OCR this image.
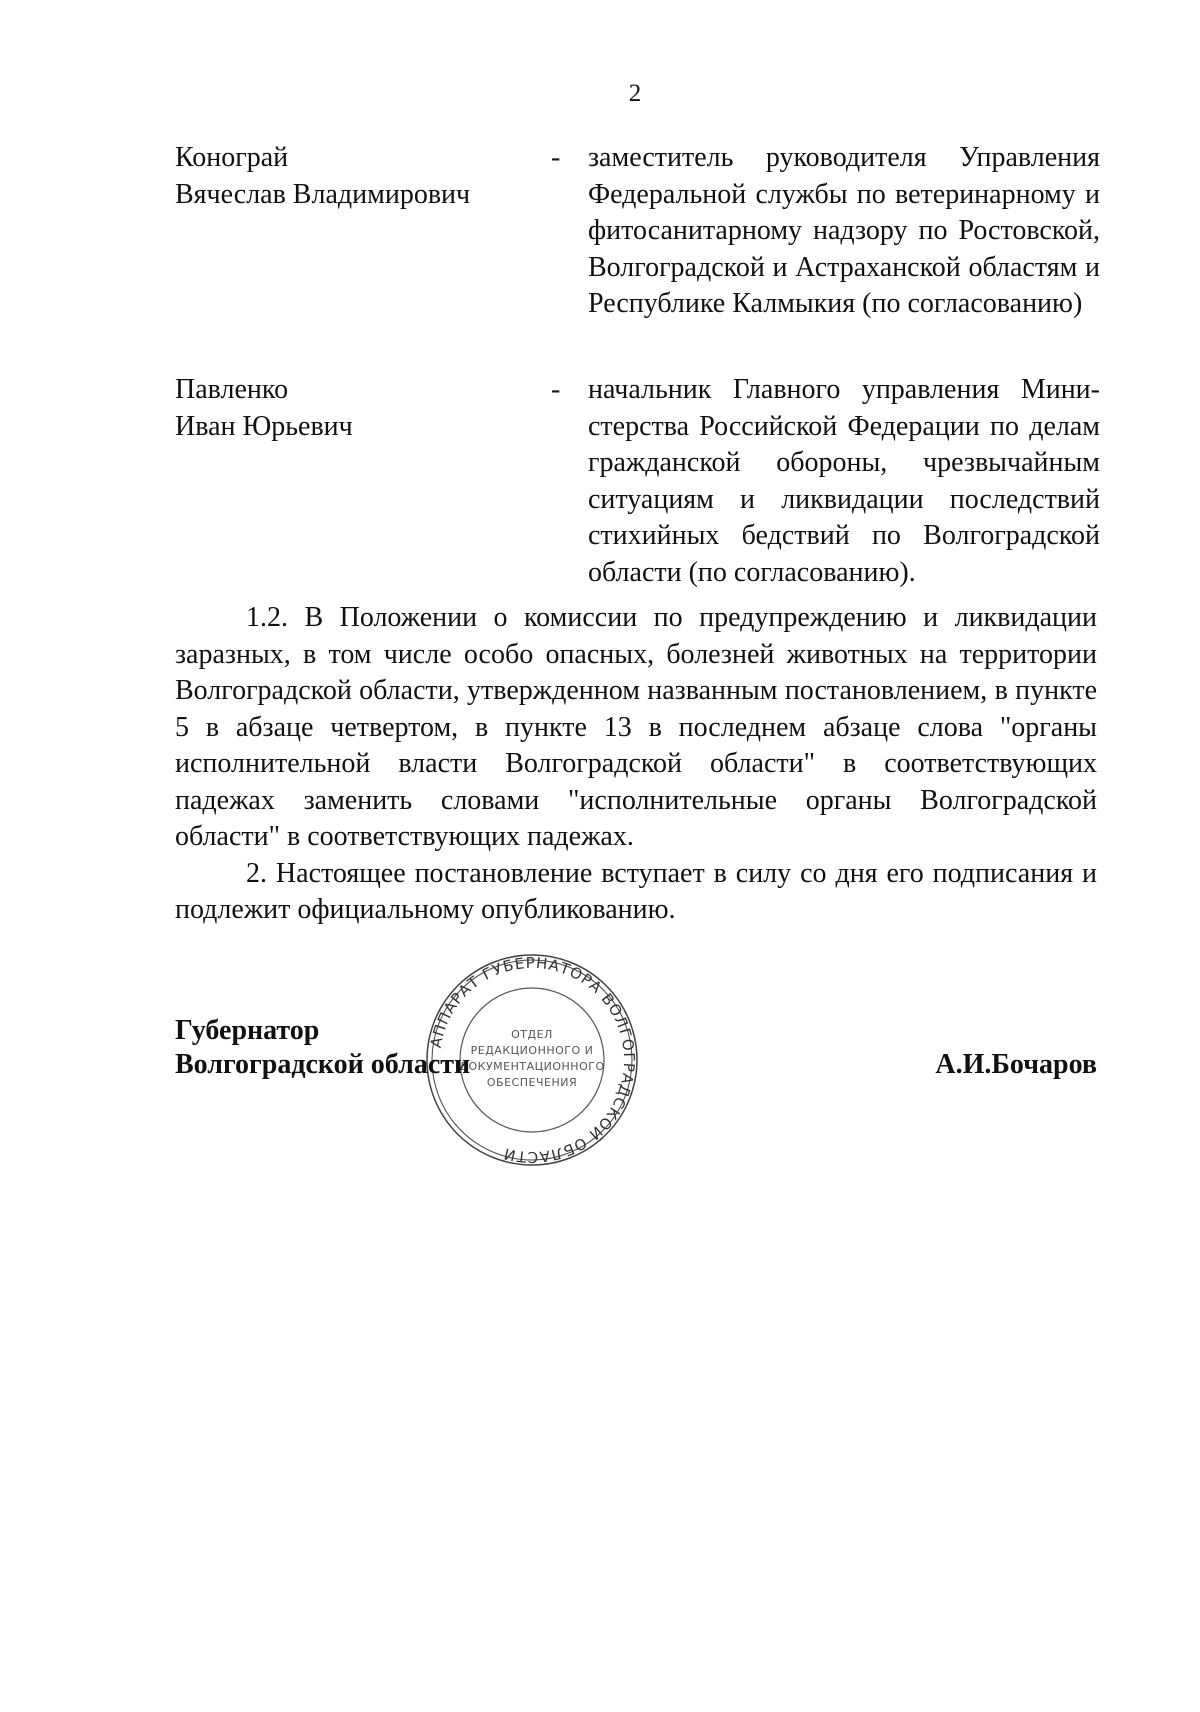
2
Конограй
Вячеслав Владимирович
- заместитель руководителя Управления Федеральной службы по ветеринарному и фитосанитарному надзору по Ростовской, Волгоградской и Астраханской областям и Республике Калмыкия (по согласованию)
Павленко
Иван Юрьевич
- начальник Главного управления Министерства Российской Федерации по делам гражданской обороны, чрезвычайным ситуациям и ликвидации последствий стихийных бедствий по Волгоградской области (по согласованию).

1.2. В Положении о комиссии по предупреждению и ликвидации заразных, в том числе особо опасных, болезней животных на территории Волгоградской области, утвержденном названным постановлением, в пункте 5 в абзаце четвертом, в пункте 13 в последнем абзаце слова "органы исполнительной власти Волгоградской области" в соответствующих падежах заменить словами "исполнительные органы Волгоградской области" в соответствующих падежах.

2. Настоящее постановление вступает в силу со дня его подписания и подлежит официальному опубликованию.

АППАРАТ ГУБЕРНАТОРА ВОЛГОГРАДСКОЙ ОБЛАСТИ
ОТДЕЛ
РЕДАКЦИОННОГО И
ДОКУМЕНТАЦИОННОГО
ОБЕСПЕЧЕНИЯ
Губернатор
Волгоградской области	А.И.Бочаров
